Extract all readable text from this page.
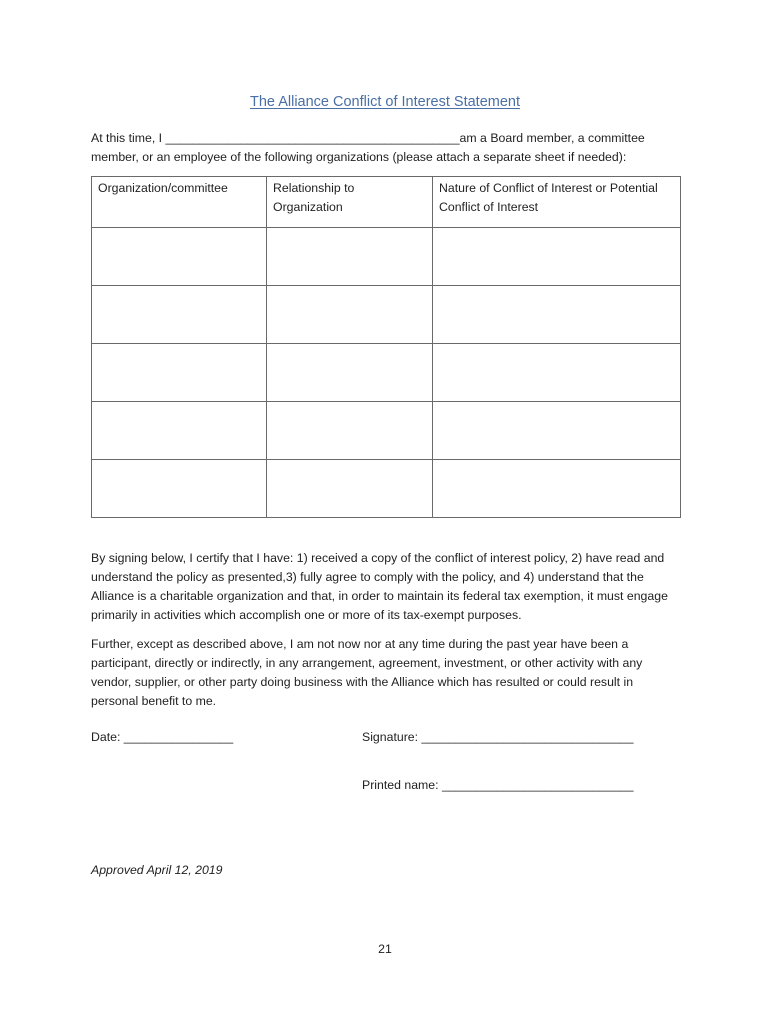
The Alliance Conflict of Interest Statement

At this time, I ___________________________________________am a Board member, a committee

member, or an employee of the following organizations (please attach a separate sheet if needed):

Organization/committee	Relationship to Organization	Nature of Conflict of Interest or Potential Conflict of Interest

By signing below, I certify that I have: 1) received a copy of the conflict of interest policy, 2) have read and understand the policy as presented,3) fully agree to comply with the policy, and 4) understand that the Alliance is a charitable organization and that, in order to maintain its federal tax exemption, it must engage primarily in activities which accomplish one or more of its tax-exempt purposes.

Further, except as described above, I am not now nor at any time during the past year have been a participant, directly or indirectly, in any arrangement, agreement, investment, or other activity with any vendor, supplier, or other party doing business with the Alliance which has resulted or could result in personal benefit to me.

Date: ________________	Signature: _______________________________
Printed name: ____________________________
Approved April 12, 2019
21
